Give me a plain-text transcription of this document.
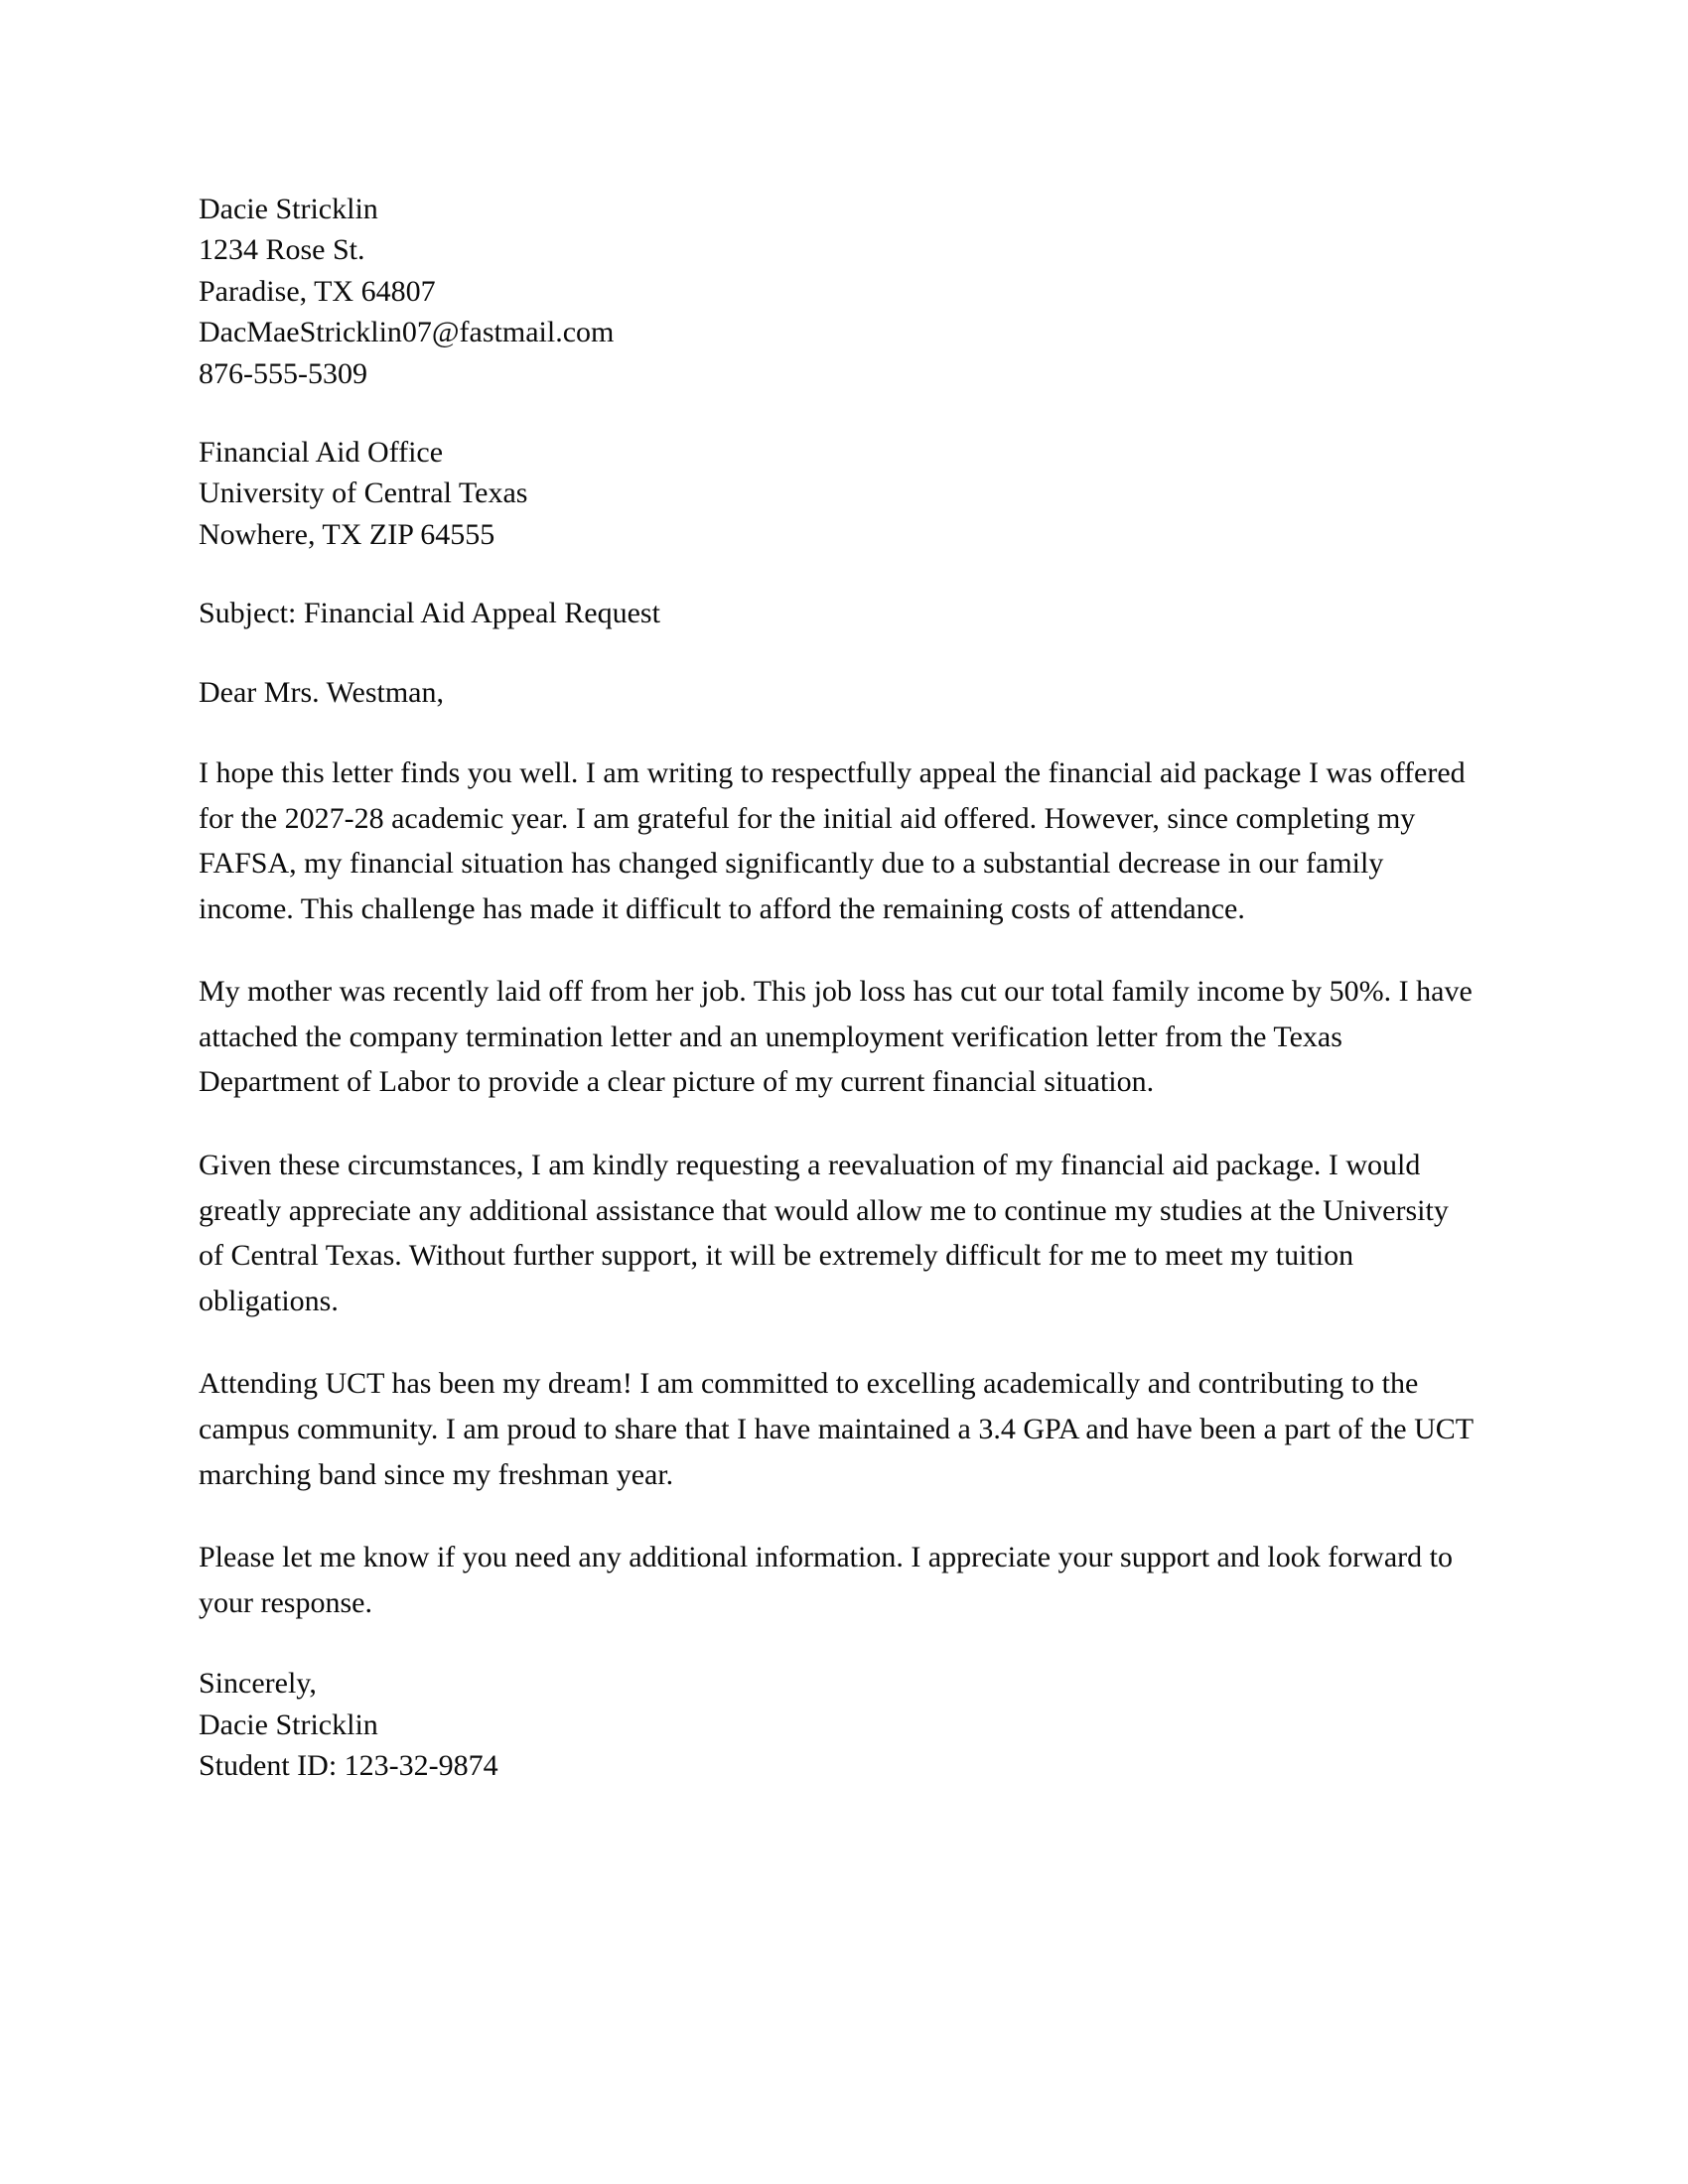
Dacie Stricklin
1234 Rose St.
Paradise, TX 64807
DacMaeStricklin07@fastmail.com
876-555-5309
Financial Aid Office
University of Central Texas
Nowhere, TX ZIP 64555
Subject: Financial Aid Appeal Request
Dear Mrs. Westman,

I hope this letter finds you well. I am writing to respectfully appeal the financial aid package I was offered for the 2027-28 academic year. I am grateful for the initial aid offered. However, since completing my FAFSA, my financial situation has changed significantly due to a substantial decrease in our family income. This challenge has made it difficult to afford the remaining costs of attendance.

My mother was recently laid off from her job. This job loss has cut our total family income by 50%. I have attached the company termination letter and an unemployment verification letter from the Texas Department of Labor to provide a clear picture of my current financial situation.

Given these circumstances, I am kindly requesting a reevaluation of my financial aid package. I would greatly appreciate any additional assistance that would allow me to continue my studies at the University of Central Texas. Without further support, it will be extremely difficult for me to meet my tuition obligations.

Attending UCT has been my dream! I am committed to excelling academically and contributing to the campus community. I am proud to share that I have maintained a 3.4 GPA and have been a part of the UCT marching band since my freshman year.

Please let me know if you need any additional information. I appreciate your support and look forward to your response.

Sincerely,
Dacie Stricklin
Student ID: 123-32-9874
